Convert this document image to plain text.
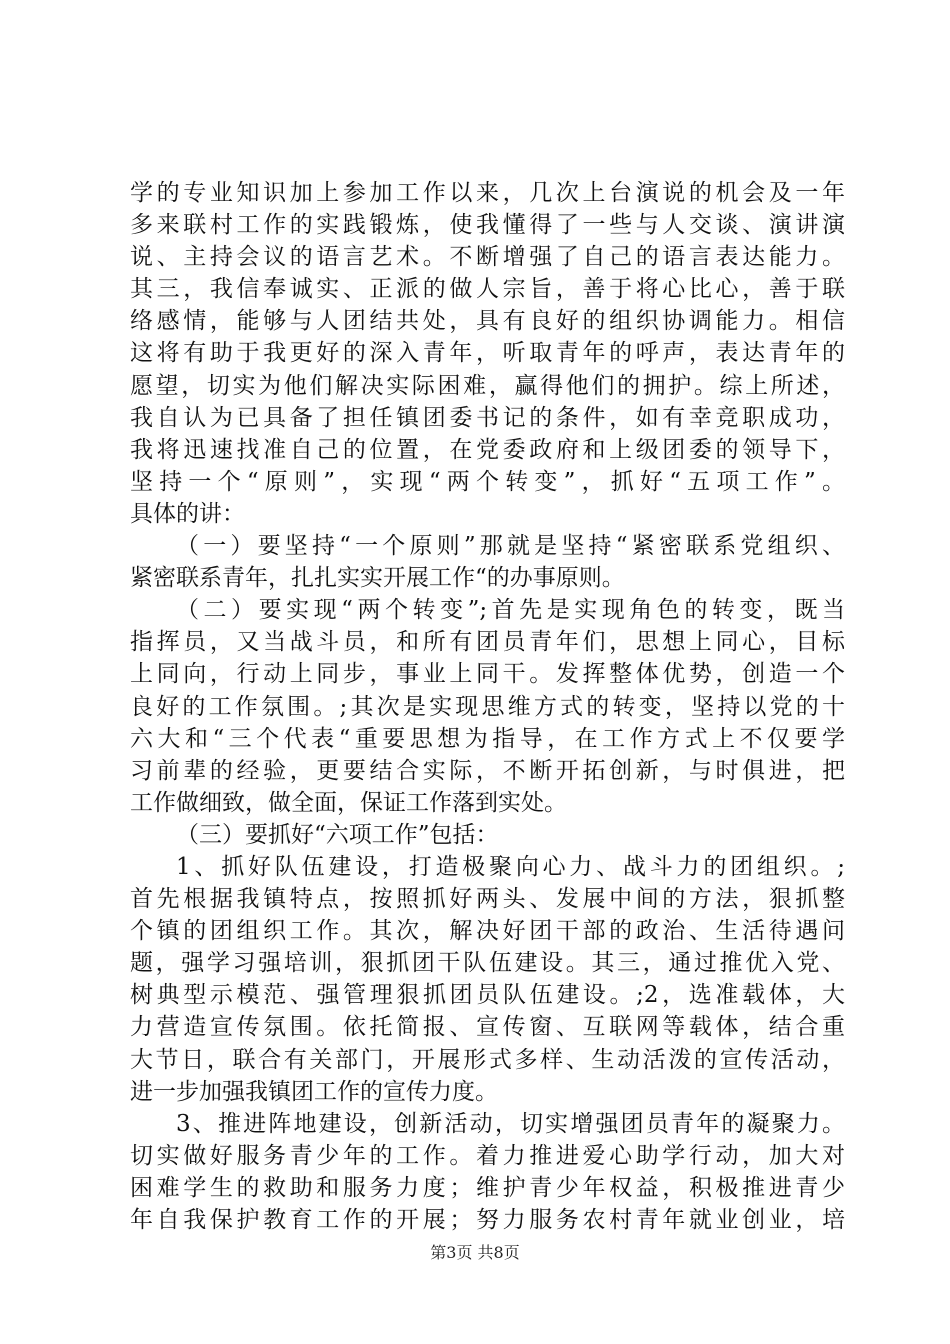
学的专业知识加上参加工作以来，几次上台演说的机会及一年
多来联村工作的实践锻炼，使我懂得了一些与人交谈、演讲演
说、主持会议的语言艺术。不断增强了自己的语言表达能力。
其三，我信奉诚实、正派的做人宗旨，善于将心比心，善于联
络感情，能够与人团结共处，具有良好的组织协调能力。相信
这将有助于我更好的深入青年，听取青年的呼声，表达青年的
愿望，切实为他们解决实际困难，赢得他们的拥护。综上所述，
我自认为已具备了担任镇团委书记的条件，如有幸竞职成功，
我将迅速找准自己的位置，在党委政府和上级团委的领导下，
坚持一个“原则”，实现“两个转变”，抓好“五项工作”。
具体的讲：
（一）要坚持“一个原则”那就是坚持“紧密联系党组织、
紧密联系青年，扎扎实实开展工作“的办事原则。
（二）要实现“两个转变”;首先是实现角色的转变，既当
指挥员，又当战斗员，和所有团员青年们，思想上同心，目标
上同向，行动上同步，事业上同干。发挥整体优势，创造一个
良好的工作氛围。;其次是实现思维方式的转变，坚持以党的十
六大和“三个代表“重要思想为指导，在工作方式上不仅要学
习前辈的经验，更要结合实际，不断开拓创新，与时俱进，把
工作做细致，做全面，保证工作落到实处。
（三）要抓好“六项工作”包括：
1、抓好队伍建设，打造极聚向心力、战斗力的团组织。;
首先根据我镇特点，按照抓好两头、发展中间的方法，狠抓整
个镇的团组织工作。其次，解决好团干部的政治、生活待遇问
题，强学习强培训，狠抓团干队伍建设。其三，通过推优入党、
树典型示模范、强管理狠抓团员队伍建设。;2，选准载体，大
力营造宣传氛围。依托简报、宣传窗、互联网等载体，结合重
大节日，联合有关部门，开展形式多样、生动活泼的宣传活动，
进一步加强我镇团工作的宣传力度。
3、推进阵地建设，创新活动，切实增强团员青年的凝聚力。
切实做好服务青少年的工作。着力推进爱心助学行动，加大对
困难学生的救助和服务力度；维护青少年权益，积极推进青少
年自我保护教育工作的开展；努力服务农村青年就业创业，培
第3页 共8页
